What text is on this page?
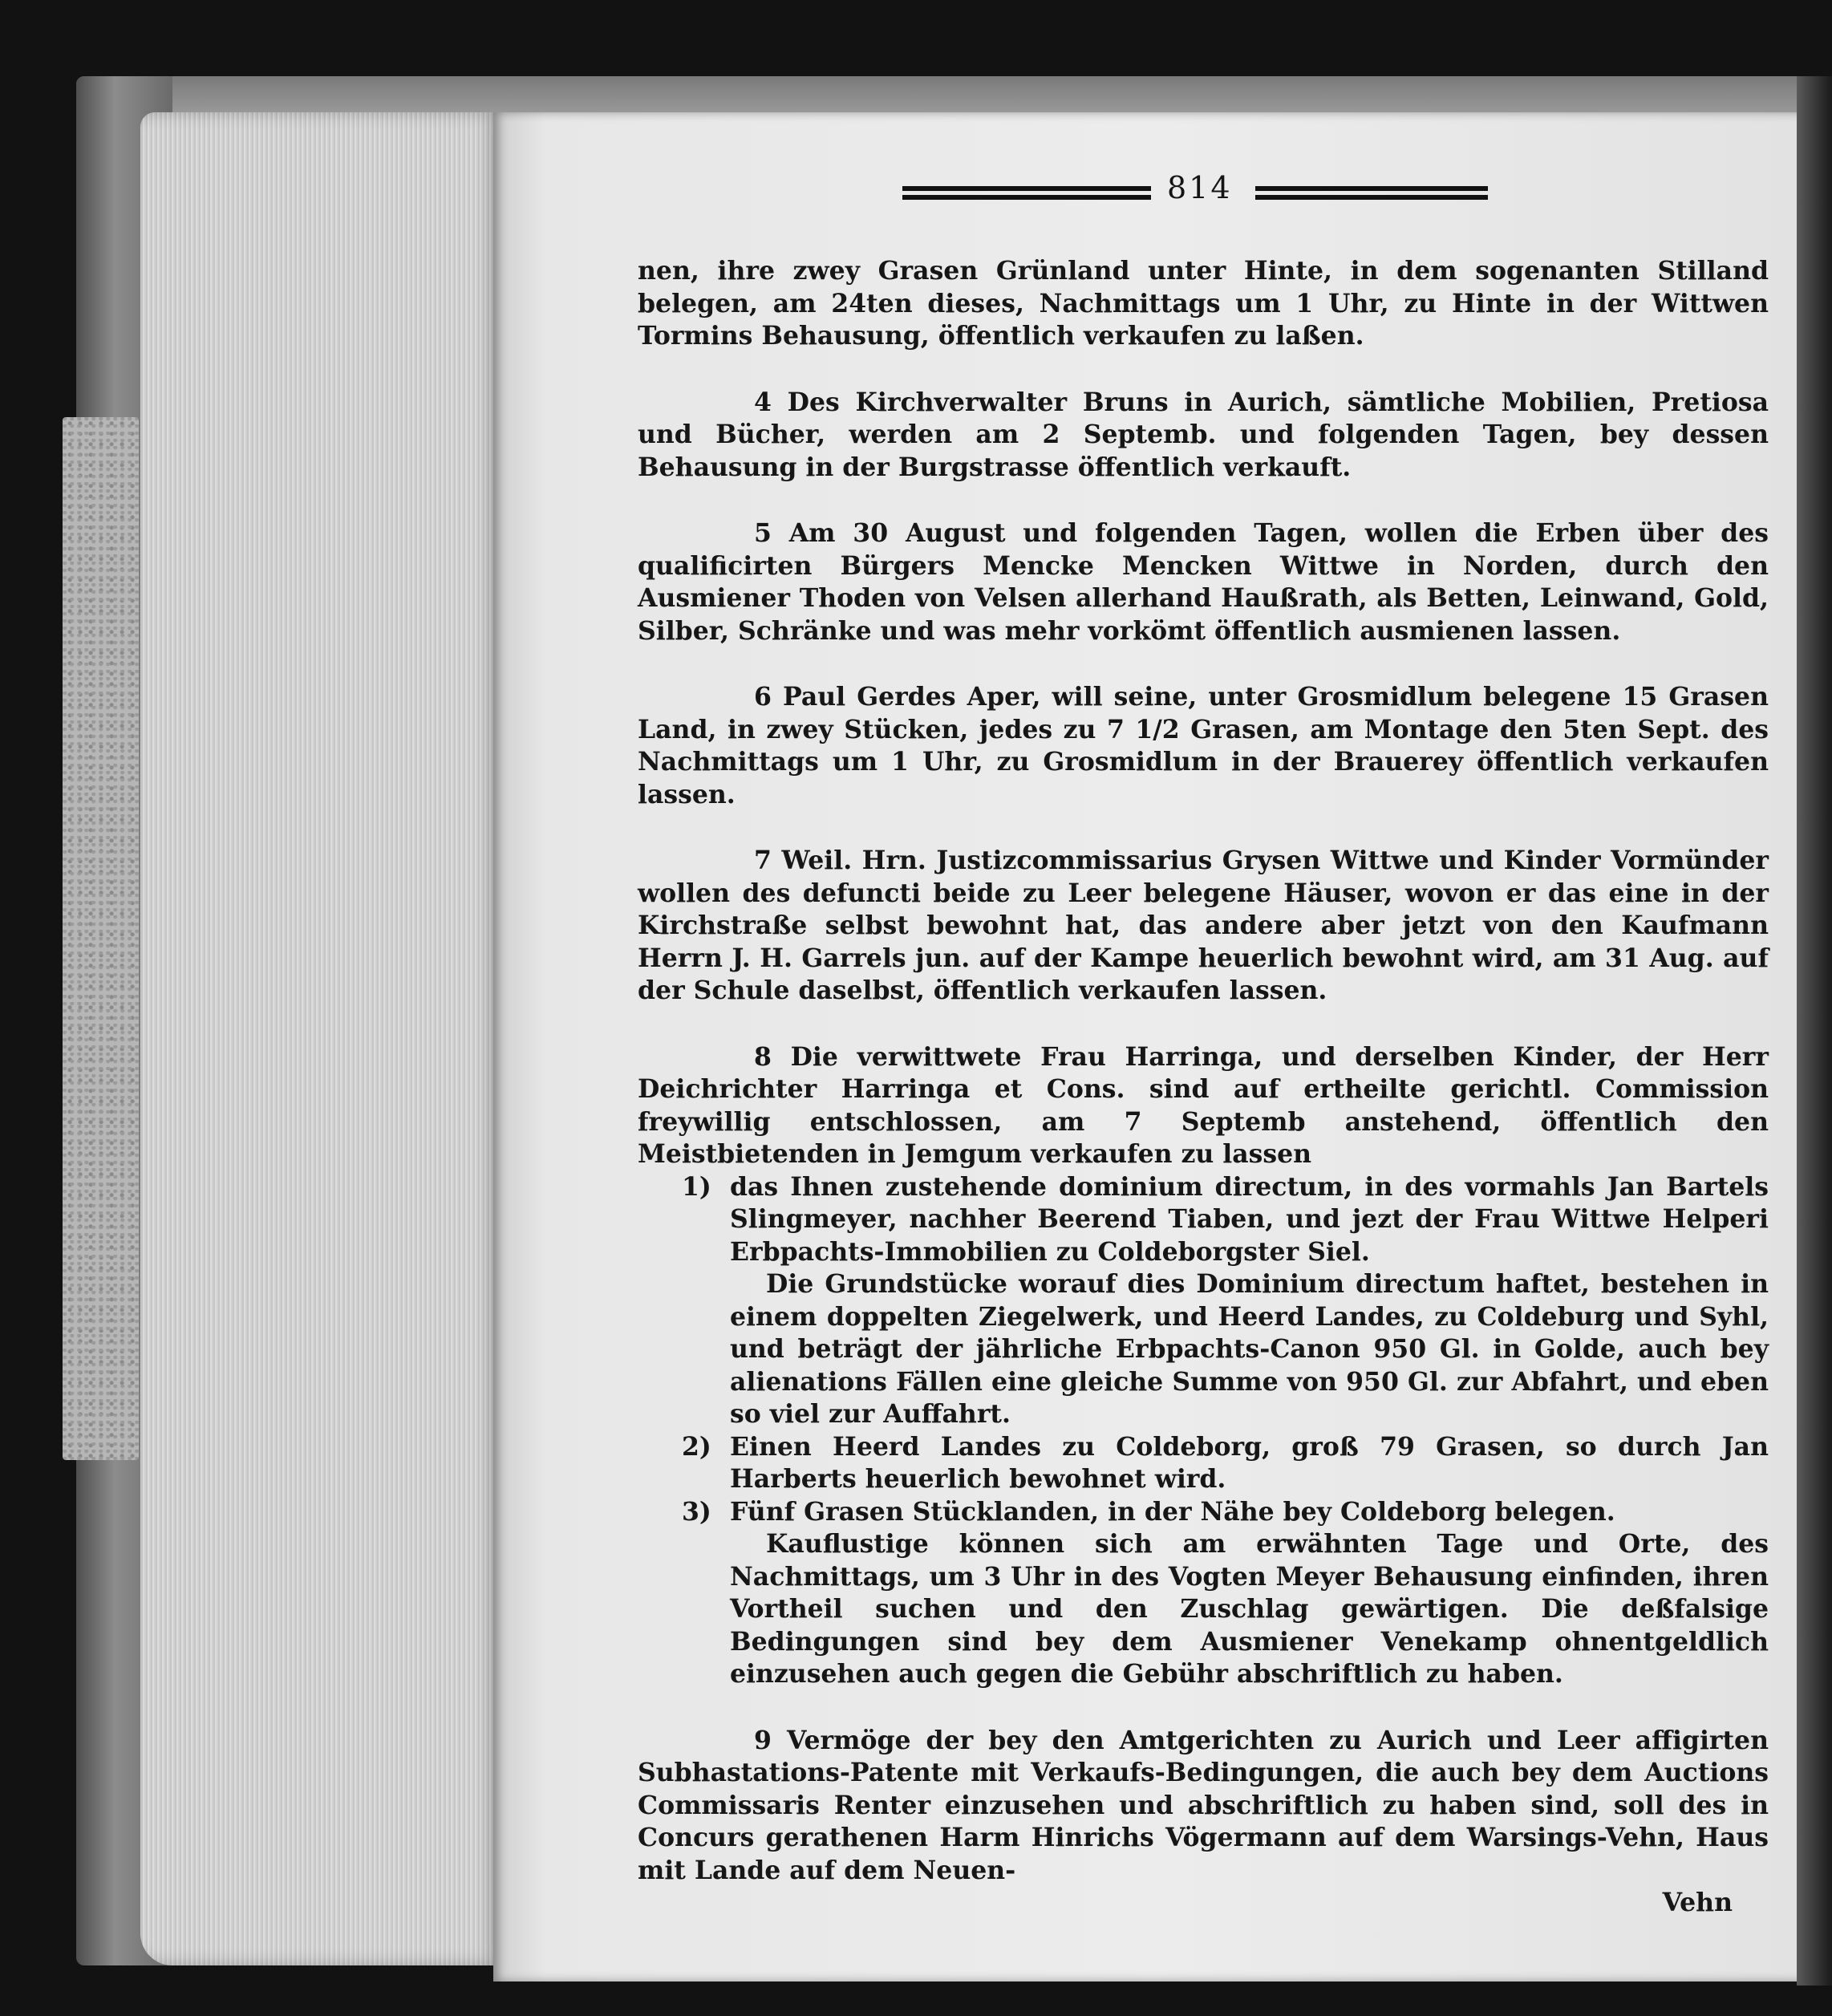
814

nen, ihre zwey Grasen Grünland unter Hinte, in dem sogenanten Stilland belegen, am 24ten dieses, Nachmittags um 1 Uhr, zu Hinte in der Wittwen Tormins Behausung, öffentlich verkaufen zu laßen.

4 Des Kirchverwalter Bruns in Aurich, sämtliche Mobilien, Pretiosa und Bücher, werden am 2 Septemb. und folgenden Tagen, bey dessen Behausung in der Burgstrasse öffentlich verkauft.

5 Am 30 August und folgenden Tagen, wollen die Erben über des qualificirten Bürgers Mencke Mencken Wittwe in Norden, durch den Ausmiener Thoden von Velsen allerhand Haußrath, als Betten, Leinwand, Gold, Silber, Schränke und was mehr vorkömt öffentlich ausmienen lassen.

6 Paul Gerdes Aper, will seine, unter Grosmidlum belegene 15 Grasen Land, in zwey Stücken, jedes zu 7 1/2 Grasen, am Montage den 5ten Sept. des Nachmittags um 1 Uhr, zu Grosmidlum in der Brauerey öffentlich verkaufen lassen.

7 Weil. Hrn. Justizcommissarius Grysen Wittwe und Kinder Vormünder wollen des defuncti beide zu Leer belegene Häuser, wovon er das eine in der Kirchstraße selbst bewohnt hat, das andere aber jetzt von den Kaufmann Herrn J. H. Garrels jun. auf der Kampe heuerlich bewohnt wird, am 31 Aug. auf der Schule daselbst, öffentlich verkaufen lassen.

8 Die verwittwete Frau Harringa, und derselben Kinder, der Herr Deichrichter Harringa et Cons. sind auf ertheilte gerichtl. Commission freywillig entschlossen, am 7 Septemb anstehend, öffentlich den Meistbietenden in Jemgum verkaufen zu lassen

1) das Ihnen zustehende dominium directum, in des vormahls Jan Bartels Slingmeyer, nachher Beerend Tiaben, und jezt der Frau Wittwe Helperi Erbpachts-Immobilien zu Coldeborgster Siel.

Die Grundstücke worauf dies Dominium directum haftet, bestehen in einem doppelten Ziegelwerk, und Heerd Landes, zu Coldeburg und Syhl, und beträgt der jährliche Erbpachts-Canon 950 Gl. in Golde, auch bey alienations Fällen eine gleiche Summe von 950 Gl. zur Abfahrt, und eben so viel zur Auffahrt.

2) Einen Heerd Landes zu Coldeborg, groß 79 Grasen, so durch Jan Harberts heuerlich bewohnet wird.
3) Fünf Grasen Stücklanden, in der Nähe bey Coldeborg belegen.

Kauflustige können sich am erwähnten Tage und Orte, des Nachmittags, um 3 Uhr in des Vogten Meyer Behausung einfinden, ihren Vortheil suchen und den Zuschlag gewärtigen. Die deßfalsige Bedingungen sind bey dem Ausmiener Venekamp ohnentgeldlich einzusehen auch gegen die Gebühr abschriftlich zu haben.

9 Vermöge der bey den Amtgerichten zu Aurich und Leer affigirten Subhastations-Patente mit Verkaufs-Bedingungen, die auch bey dem Auctions Commissaris Renter einzusehen und abschriftlich zu haben sind, soll des in Concurs gerathenen Harm Hinrichs Vögermann auf dem Warsings-Vehn, Haus mit Lande auf dem Neuen-

Vehn
